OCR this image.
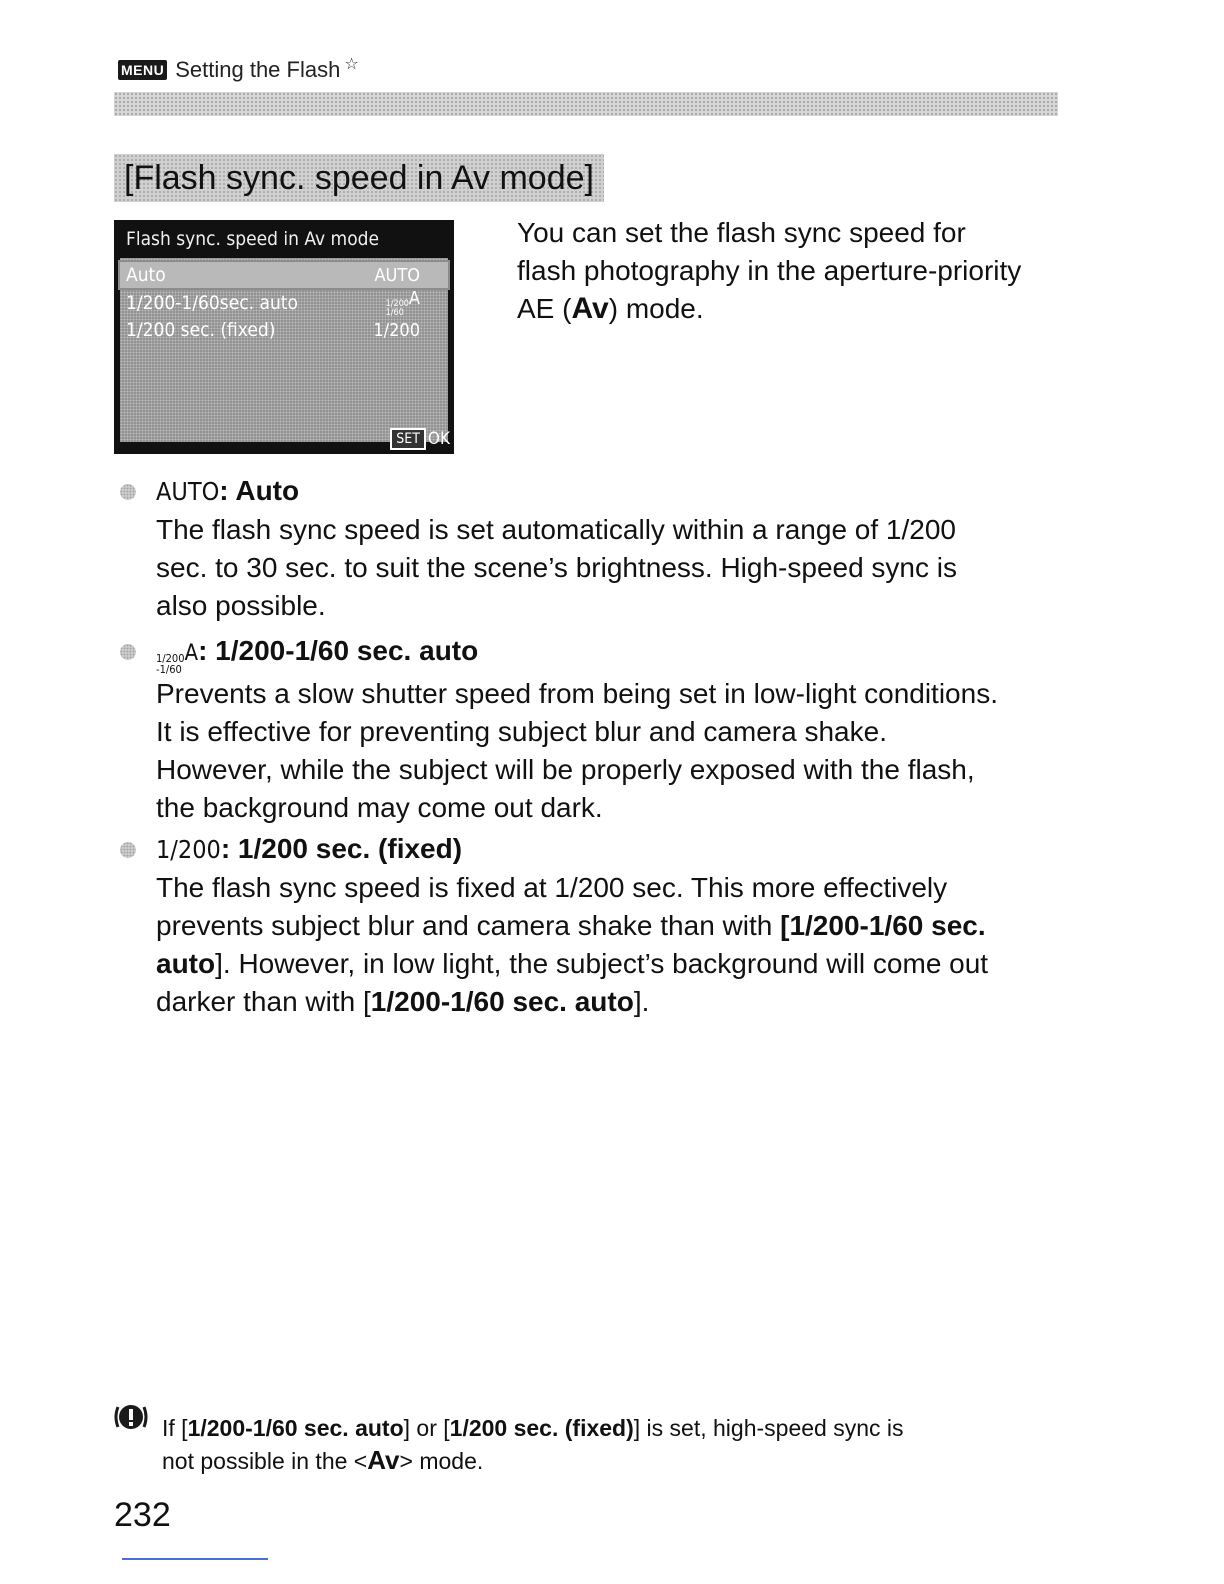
MENU Setting the Flash ☆
[Flash sync. speed in Av mode]
Flash sync. speed in Av mode
Auto	AUTO
1/200-1/60sec. auto	1/200
1/60
A
1/200 sec. (fixed)	1/200
SET OK
You can set the flash sync speed for
flash photography in the aperture-priority
AE (Av) mode.
AUTO: Auto
The flash sync speed is set automatically within a range of 1/200
sec. to 30 sec. to suit the scene’s brightness. High-speed sync is
also possible.
1/200
-1/60
A: 1/200-1/60 sec. auto
Prevents a slow shutter speed from being set in low-light conditions.
It is effective for preventing subject blur and camera shake.
However, while the subject will be properly exposed with the flash,
the background may come out dark.
1/200: 1/200 sec. (fixed)
The flash sync speed is fixed at 1/200 sec. This more effectively
prevents subject blur and camera shake than with [1/200-1/60 sec.
auto]. However, in low light, the subject’s background will come out
darker than with [1/200-1/60 sec. auto].
If [1/200-1/60 sec. auto] or [1/200 sec. (fixed)] is set, high-speed sync is
not possible in the <Av> mode.
232
